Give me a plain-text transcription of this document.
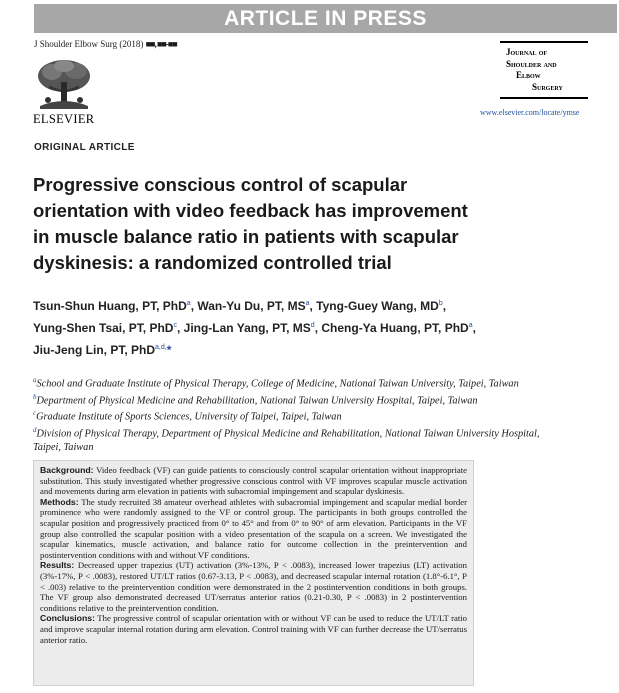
ARTICLE IN PRESS
J Shoulder Elbow Surg (2018) ■■, ■■-■■
ELSEVIER
Journal of
Shoulder and
Elbow
Surgery
www.elsevier.com/locate/ymse
ORIGINAL ARTICLE
Progressive conscious control of scapular
orientation with video feedback has improvement
in muscle balance ratio in patients with scapular
dyskinesis: a randomized controlled trial
Tsun-Shun Huang, PT, PhD$^a$, Wan-Yu Du, PT, $MS^a$, Tyng-Guey Wang, $MD^b$,
Yung-Shen Tsai, PT, PhD$^c$, Jing-Lan Yang, PT, $MS^d$, Cheng-Ya Huang, PT, PhD$^a$,
Jiu-Jeng Lin, PT, PhD$^{a,d,}$*
$^a$School and Graduate Institute of Physical Therapy, College of Medicine, National Taiwan University, Taipei, Taiwan
$^b$Department of Physical Medicine and Rehabilitation, National Taiwan University Hospital, Taipei, Taiwan
$^c$Graduate Institute of Sports Sciences, University of Taipei, Taipei, Taiwan
$^d$Division of Physical Therapy, Department of Physical Medicine and Rehabilitation, National Taiwan University Hospital,
Taipei, Taiwan

Background: Video feedback (VF) can guide patients to consciously control scapular orientation without inappropriate substitution. This study investigated whether progressive conscious control with VF improves scapular muscle activation and movements during arm elevation in patients with subacromial impingement and scapular dyskinesis.

Methods: The study recruited 38 amateur overhead athletes with subacromial impingement and scapular medial border prominence who were randomly assigned to the VF or control group. The participants in both groups controlled the scapular position and progressively practiced from 0° to 45° and from 0° to 90° of arm elevation. Participants in the VF group also controlled the scapular position with a video presentation of the scapula on a screen. We investigated the scapular kinematics, muscle activation, and balance ratio for outcome collection in the preintervention and postintervention conditions with and without VF conditions.

Results: Decreased upper trapezius (UT) activation (3%-13%, P < .0083), increased lower trapezius (LT) activation (3%-17%, P < .0083), restored UT/LT ratios (0.67-3.13, P < .0083), and decreased scapular internal rotation (1.8°-6.1°, P < .003) relative to the preintervention condition were demonstrated in the 2 postintervention conditions in both groups. The VF group also demonstrated decreased UT/serratus anterior ratios (0.21-0.30, P < .0083) in 2 postintervention conditions relative to the preintervention condition.

Conclusions: The progressive control of scapular orientation with or without VF can be used to reduce the UT/LT ratio and improve scapular internal rotation during arm elevation. Control training with VF can further decrease the UT/serratus anterior ratio.
